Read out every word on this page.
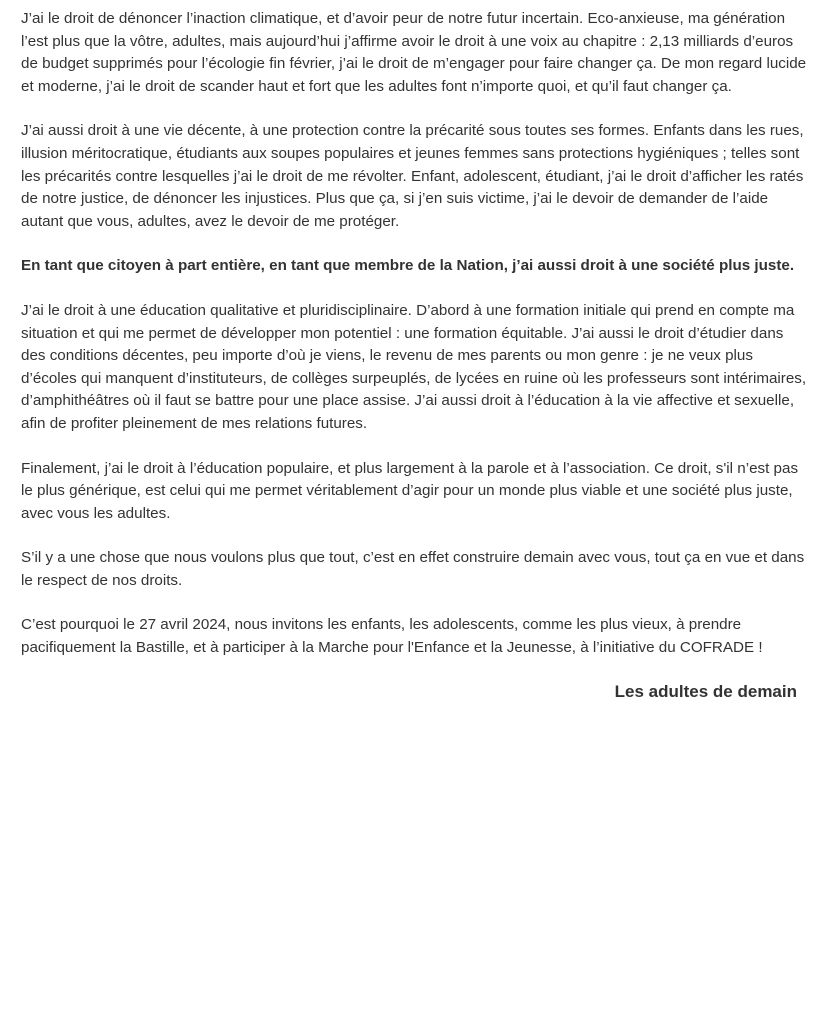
J’ai le droit de dénoncer l’inaction climatique, et d’avoir peur de notre futur incertain. Eco-anxieuse, ma génération l’est plus que la vôtre, adultes, mais aujourd’hui j’affirme avoir le droit à une voix au chapitre : 2,13 milliards d’euros de budget supprimés pour l’écologie fin février, j’ai le droit de m’engager pour faire changer ça. De mon regard lucide et moderne, j’ai le droit de scander haut et fort que les adultes font n’importe quoi, et qu’il faut changer ça.

J’ai aussi droit à une vie décente, à une protection contre la précarité sous toutes ses formes. Enfants dans les rues, illusion méritocratique, étudiants aux soupes populaires et jeunes femmes sans protections hygiéniques ; telles sont les précarités contre lesquelles j’ai le droit de me révolter. Enfant, adolescent, étudiant, j’ai le droit d’afficher les ratés de notre justice, de dénoncer les injustices. Plus que ça, si j’en suis victime, j’ai le devoir de demander de l’aide autant que vous, adultes, avez le devoir de me protéger.

En tant que citoyen à part entière, en tant que membre de la Nation, j’ai aussi droit à une société plus juste.

J’ai le droit à une éducation qualitative et pluridisciplinaire. D’abord à une formation initiale qui prend en compte ma situation et qui me permet de développer mon potentiel : une formation équitable. J’ai aussi le droit d’étudier dans des conditions décentes, peu importe d’où je viens, le revenu de mes parents ou mon genre : je ne veux plus d’écoles qui manquent d’instituteurs, de collèges surpeuplés, de lycées en ruine où les professeurs sont intérimaires, d’amphithéâtres où il faut se battre pour une place assise. J’ai aussi droit à l’éducation à la vie affective et sexuelle, afin de profiter pleinement de mes relations futures.

Finalement, j’ai le droit à l’éducation populaire, et plus largement à la parole et à l’association. Ce droit, s'il n’est pas le plus générique, est celui qui me permet véritablement d’agir pour un monde plus viable et une société plus juste, avec vous les adultes.

S’il y a une chose que nous voulons plus que tout, c’est en effet construire demain avec vous, tout ça en vue et dans le respect de nos droits.

C’est pourquoi le 27 avril 2024, nous invitons les enfants, les adolescents, comme les plus vieux, à prendre pacifiquement la Bastille, et à participer à la Marche pour l'Enfance et la Jeunesse, à l’initiative du COFRADE !

Les adultes de demain
